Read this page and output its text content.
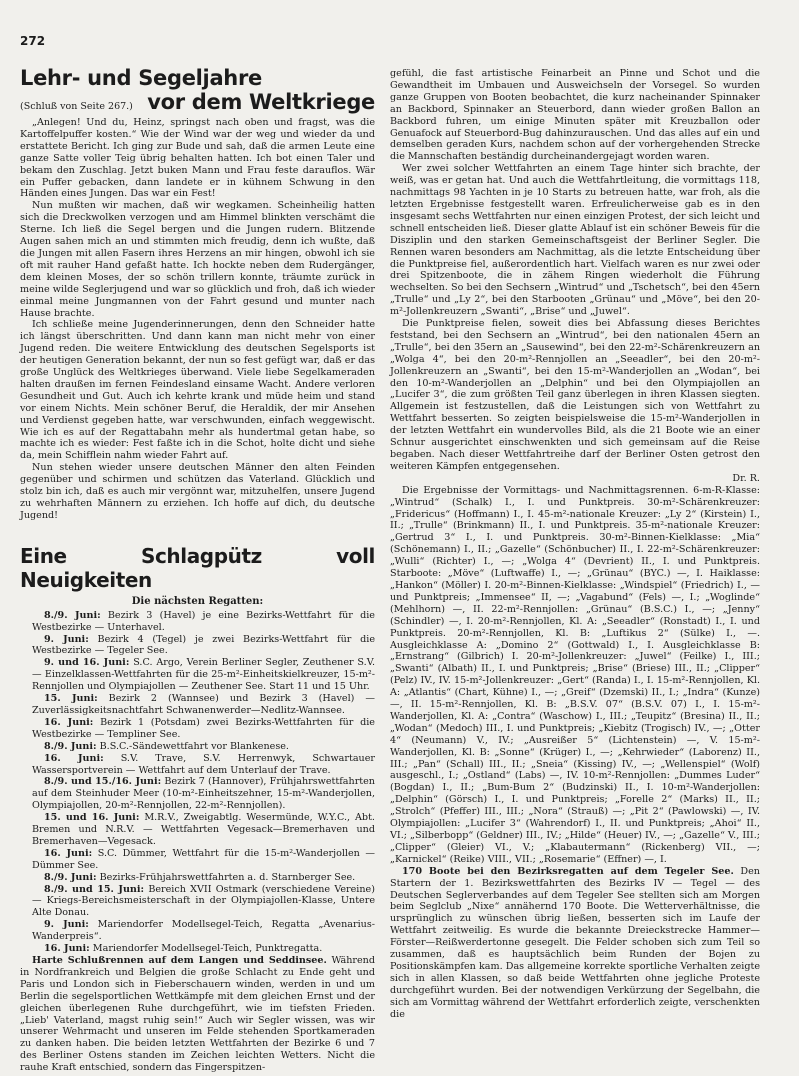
272
Lehr- und Segeljahre
(Schluß von Seite 267.) vor dem Weltkriege

„Anlegen! Und du, Heinz, springst nach oben und fragst, was die Kartoffelpuffer kosten.“ Wie der Wind war der weg und wieder da und erstattete Bericht. Ich ging zur Bude und sah, daß die armen Leute eine ganze Satte voller Teig übrig behalten hatten. Ich bot einen Taler und bekam den Zuschlag. Jetzt buken Mann und Frau feste darauflos. Wär ein Puffer gebacken, dann landete er in kühnem Schwung in den Händen eines Jungen. Das war ein Fest!

Nun mußten wir machen, daß wir wegkamen. Scheinheilig hatten sich die Dreckwolken verzogen und am Himmel blinkten verschämt die Sterne. Ich ließ die Segel bergen und die Jungen rudern. Blitzende Augen sahen mich an und stimmten mich freudig, denn ich wußte, daß die Jungen mit allen Fasern ihres Herzens an mir hingen, obwohl ich sie oft mit rauher Hand gefaßt hatte. Ich hockte neben dem Rudergänger, dem kleinen Moses, der so schön trillern konnte, träumte zurück in meine wilde Seglerjugend und war so glücklich und froh, daß ich wieder einmal meine Jungmannen von der Fahrt gesund und munter nach Hause brachte.

Ich schließe meine Jugenderinnerungen, denn den Schneider hatte ich längst überschritten. Und dann kann man nicht mehr von einer Jugend reden. Die weitere Entwicklung des deutschen Segelsports ist der heutigen Generation bekannt, der nun so fest gefügt war, daß er das große Unglück des Weltkrieges überwand. Viele liebe Segelkameraden halten draußen im fernen Feindesland einsame Wacht. Andere verloren Gesundheit und Gut. Auch ich kehrte krank und müde heim und stand vor einem Nichts. Mein schöner Beruf, die Heraldik, der mir Ansehen und Verdienst gegeben hatte, war verschwunden, einfach weggewischt. Wie ich es auf der Regattabahn mehr als hundertmal getan habe, so machte ich es wieder: Fest faßte ich in die Schot, holte dicht und siehe da, mein Schifflein nahm wieder Fahrt auf.

Nun stehen wieder unsere deutschen Männer den alten Feinden gegenüber und schirmen und schützen das Vaterland. Glücklich und stolz bin ich, daß es auch mir vergönnt war, mitzuhelfen, unsere Jugend zu wehrhaften Männern zu erziehen. Ich hoffe auf dich, du deutsche Jugend!

Eine Schlagpütz voll Neuigkeiten
Die nächsten Regatten:

8./9. Juni: Bezirk 3 (Havel) je eine Bezirks-Wettfahrt für die Westbezirke — Unterhavel.

9. Juni: Bezirk 4 (Tegel) je zwei Bezirks-Wettfahrt für die Westbezirke — Tegeler See.

9. und 16. Juni: S.C. Argo, Verein Berliner Segler, Zeuthener S.V. — Einzelklassen-Wettfahrten für die 25-m²-Einheitskielkreuzer, 15-m²-Rennjollen und Olympiajollen — Zeuthener See. Start 11 und 15 Uhr.

15. Juni: Bezirk 2 (Wannsee) und Bezirk 3 (Havel) — Zuverlässigkeitsnachtfahrt Schwanenwerder—Nedlitz-Wannsee.

16. Juni: Bezirk 1 (Potsdam) zwei Bezirks-Wettfahrten für die Westbezirke — Templiner See.

8./9. Juni: B.S.C.-Sändewettfahrt vor Blankenese.

16. Juni: S.V. Trave, S.V. Herrenwyk, Schwartauer Wassersportverein — Wettfahrt auf dem Unterlauf der Trave.

8./9. und 15./16. Juni: Bezirk 7 (Hannover), Frühjahrswettfahrten auf dem Steinhuder Meer (10-m²-Einheitszehner, 15-m²-Wanderjollen, Olympiajollen, 20-m²-Rennjollen, 22-m²-Rennjollen).

15. und 16. Juni: M.R.V., Zweigabtlg. Wesermünde, W.Y.C., Abt. Bremen und N.R.V. — Wettfahrten Vegesack—Bremerhaven und Bremerhaven—Vegesack.

16. Juni: S.C. Dümmer, Wettfahrt für die 15-m²-Wanderjollen — Dümmer See.

8./9. Juni: Bezirks-Frühjahrswettfahrten a. d. Starnberger See.

8./9. und 15. Juni: Bereich XVII Ostmark (verschiedene Vereine) — Kriegs-Bereichsmeisterschaft in der Olympiajollen-Klasse, Untere Alte Donau.

9. Juni: Mariendorfer Modellsegel-Teich, Regatta „Avenarius-Wanderpreis“.

16. Juni: Mariendorfer Modellsegel-Teich, Punktregatta.

Harte Schlußrennen auf dem Langen und Seddinsee. Während in Nordfrankreich und Belgien die große Schlacht zu Ende geht und Paris und London sich in Fieberschauern winden, werden in und um Berlin die segelsportlichen Wettkämpfe mit dem gleichen Ernst und der gleichen überlegenen Ruhe durchgeführt, wie im tiefsten Frieden. „Lieb' Vaterland, magst ruhig sein!“ Auch wir Segler wissen, was wir unserer Wehrmacht und unseren im Felde stehenden Sportkameraden zu danken haben. Die beiden letzten Wettfahrten der Bezirke 6 und 7 des Berliner Ostens standen im Zeichen leichten Wetters. Nicht die rauhe Kraft entschied, sondern das Fingerspitzen-

gefühl, die fast artistische Feinarbeit an Pinne und Schot und die Gewandtheit im Umbauen und Ausweichseln der Vorsegel. So wurden ganze Gruppen von Booten beobachtet, die kurz nacheinander Spinnaker an Backbord, Spinnaker an Steuerbord, dann wieder großen Ballon an Backbord fuhren, um einige Minuten später mit Kreuzballon oder Genuafock auf Steuerbord-Bug dahinzurauschen. Und das alles auf ein und demselben geraden Kurs, nachdem schon auf der vorhergehenden Strecke die Mannschaften beständig durcheinandergejagt worden waren.

Wer zwei solcher Wettfahrten an einem Tage hinter sich brachte, der weiß, was er getan hat. Und auch die Wettfahrtleitung, die vormittags 118, nachmittags 98 Yachten in je 10 Starts zu betreuen hatte, war froh, als die letzten Ergebnisse festgestellt waren. Erfreulicherweise gab es in den insgesamt sechs Wettfahrten nur einen einzigen Protest, der sich leicht und schnell entscheiden ließ. Dieser glatte Ablauf ist ein schöner Beweis für die Disziplin und den starken Gemeinschaftsgeist der Berliner Segler. Die Rennen waren besonders am Nachmittag, als die letzte Entscheidung über die Punktpreise fiel, außerordentlich hart. Vielfach waren es nur zwei oder drei Spitzenboote, die in zähem Ringen wiederholt die Führung wechselten. So bei den Sechsern „Wintrud“ und „Tschetsch“, bei den 45ern „Trulle“ und „Ly 2“, bei den Starbooten „Grünau“ und „Möve“, bei den 20-m²-Jollenkreuzern „Swanti“, „Brise“ und „Juwel“.

Die Punktpreise fielen, soweit dies bei Abfassung dieses Berichtes feststand, bei den Sechsern an „Wintrud“, bei den nationalen 45ern an „Trulle“, bei den 35ern an „Sausewind“, bei den 22-m²-Schärenkreuzern an „Wolga 4“, bei den 20-m²-Rennjollen an „Seeadler“, bei den 20-m²-Jollenkreuzern an „Swanti“, bei den 15-m²-Wanderjollen an „Wodan“, bei den 10-m²-Wanderjollen an „Delphin“ und bei den Olympiajollen an „Lucifer 3“, die zum größten Teil ganz überlegen in ihren Klassen siegten. Allgemein ist festzustellen, daß die Leistungen sich von Wettfahrt zu Wettfahrt besserten. So zeigten beispielsweise die 15-m²-Wanderjollen in der letzten Wettfahrt ein wundervolles Bild, als die 21 Boote wie an einer Schnur ausgerichtet einschwenkten und sich gemeinsam auf die Reise begaben. Nach dieser Wettfahrtreihe darf der Berliner Osten getrost den weiteren Kämpfen entgegensehen.

Dr. R.

Die Ergebnisse der Vormittags- und Nachmittagsrennen. 6-m-R-Klasse: „Wintrud“ (Schalk) I., I. und Punktpreis. 30-m²-Schärenkreuzer: „Fridericus“ (Hoffmann) I., I. 45-m²-nationale Kreuzer: „Ly 2“ (Kirstein) I., II.; „Trulle“ (Brinkmann) II., I. und Punktpreis. 35-m²-nationale Kreuzer: „Gertrud 3“ I., I. und Punktpreis. 30-m²-Binnen-Kielklasse: „Mia“ (Schönemann) I., II.; „Gazelle“ (Schönbucher) II., I. 22-m²-Schärenkreuzer: „Wulli“ (Richter) I., —; „Wolga 4“ (Devrient) II., I. und Punktpreis. Starboote: „Möve“ (Luftwaffe) I., —; „Grünau“ (BYC.) —, I. Haiklasse: „Hankon“ (Möller) I. 20-m²-Binnen-Kielklasse: „Windspiel“ (Friedrich) I., — und Punktpreis; „Immensee“ II, —; „Vagabund“ (Fels) —, I.; „Woglinde“ (Mehlhorn) —, II. 22-m²-Rennjollen: „Grünau“ (B.S.C.) I., —; „Jenny“ (Schindler) —, I. 20-m²-Rennjollen, Kl. A: „Seeadler“ (Ronstadt) I., I. und Punktpreis. 20-m²-Rennjollen, Kl. B: „Luftikus 2“ (Sülke) I., —. Ausgleichklasse A: „Domino 2“ (Gottwald) I., I. Ausgleichklasse B: „Ernstrang“ (Gilbrich) I. 20-m²-Jollenkreuzer: „Juwel“ (Feilke) I., III.; „Swanti“ (Albath) II., I. und Punktpreis; „Brise“ (Briese) III., II.; „Clipper“ (Pelz) IV., IV. 15-m²-Jollenkreuzer: „Gert“ (Randa) I., I. 15-m²-Rennjollen, Kl. A: „Atlantis“ (Chart, Kühne) I., —; „Greif“ (Dzemski) II., I.; „Indra“ (Kunze) —, II. 15-m²-Rennjollen, Kl. B: „B.S.V. 07“ (B.S.V. 07) I., I. 15-m²-Wanderjollen, Kl. A: „Contra“ (Waschow) I., III.; „Teupitz“ (Bresina) II., II.; „Wodan“ (Medoch) III., I. und Punktpreis; „Kiebitz (Trogisch) IV., —; „Otter 4“ (Neumann) V., IV.; „Ausreißer 5“ (Lichtenstein) —, V. 15-m²-Wanderjollen, Kl. B: „Sonne“ (Krüger) I., —; „Kehrwieder“ (Laborenz) II., III.; „Pan“ (Schall) III., II.; „Sneia“ (Kissing) IV., —; „Wellenspiel“ (Wolf) ausgeschl., I.; „Ostland“ (Labs) —, IV. 10-m²-Rennjollen: „Dummes Luder“ (Bogdan) I., II.; „Bum-Bum 2“ (Budzinski) II., I. 10-m²-Wanderjollen: „Delphin“ (Görsch) I., I. und Punktpreis; „Forelle 2“ (Marks) II., II.; „Strolch“ (Pfeffer) III., III.; „Nora“ (Strauß) —; „Pit 2“ (Pawlowski) —, IV. Olympiajollen: „Lucifer 3“ (Wahrendorf) I., II. und Punktpreis; „Ahoi“ II., VI.; „Silberbopp“ (Geldner) III., IV.; „Hilde“ (Heuer) IV., —; „Gazelle“ V., III.; „Clipper“ (Gleier) VI., V.; „Klabautermann“ (Rickenberg) VII., —; „Karnickel“ (Reike) VIII., VII.; „Rosemarie“ (Effner) —, I.

170 Boote bei den Bezirksregatten auf dem Tegeler See. Den Startern der 1. Bezirkswettfahrten des Bezirks IV — Tegel — des Deutschen Seglerverbandes auf dem Tegeler See stellten sich am Morgen beim Seglclub „Nixe“ annähernd 170 Boote. Die Wetterverhältnisse, die ursprünglich zu wünschen übrig ließen, besserten sich im Laufe der Wettfahrt zeitweilig. Es wurde die bekannte Dreieckstrecke Hammer—Förster—Reißwerdertonne gesegelt. Die Felder schoben sich zum Teil so zusammen, daß es hauptsächlich beim Runden der Bojen zu Positionskämpfen kam. Das allgemeine korrekte sportliche Verhalten zeigte sich in allen Klassen, so daß beide Wettfahrten ohne jegliche Proteste durchgeführt wurden. Bei der notwendigen Verkürzung der Segelbahn, die sich am Vormittag während der Wettfahrt erforderlich zeigte, verschenkten die
